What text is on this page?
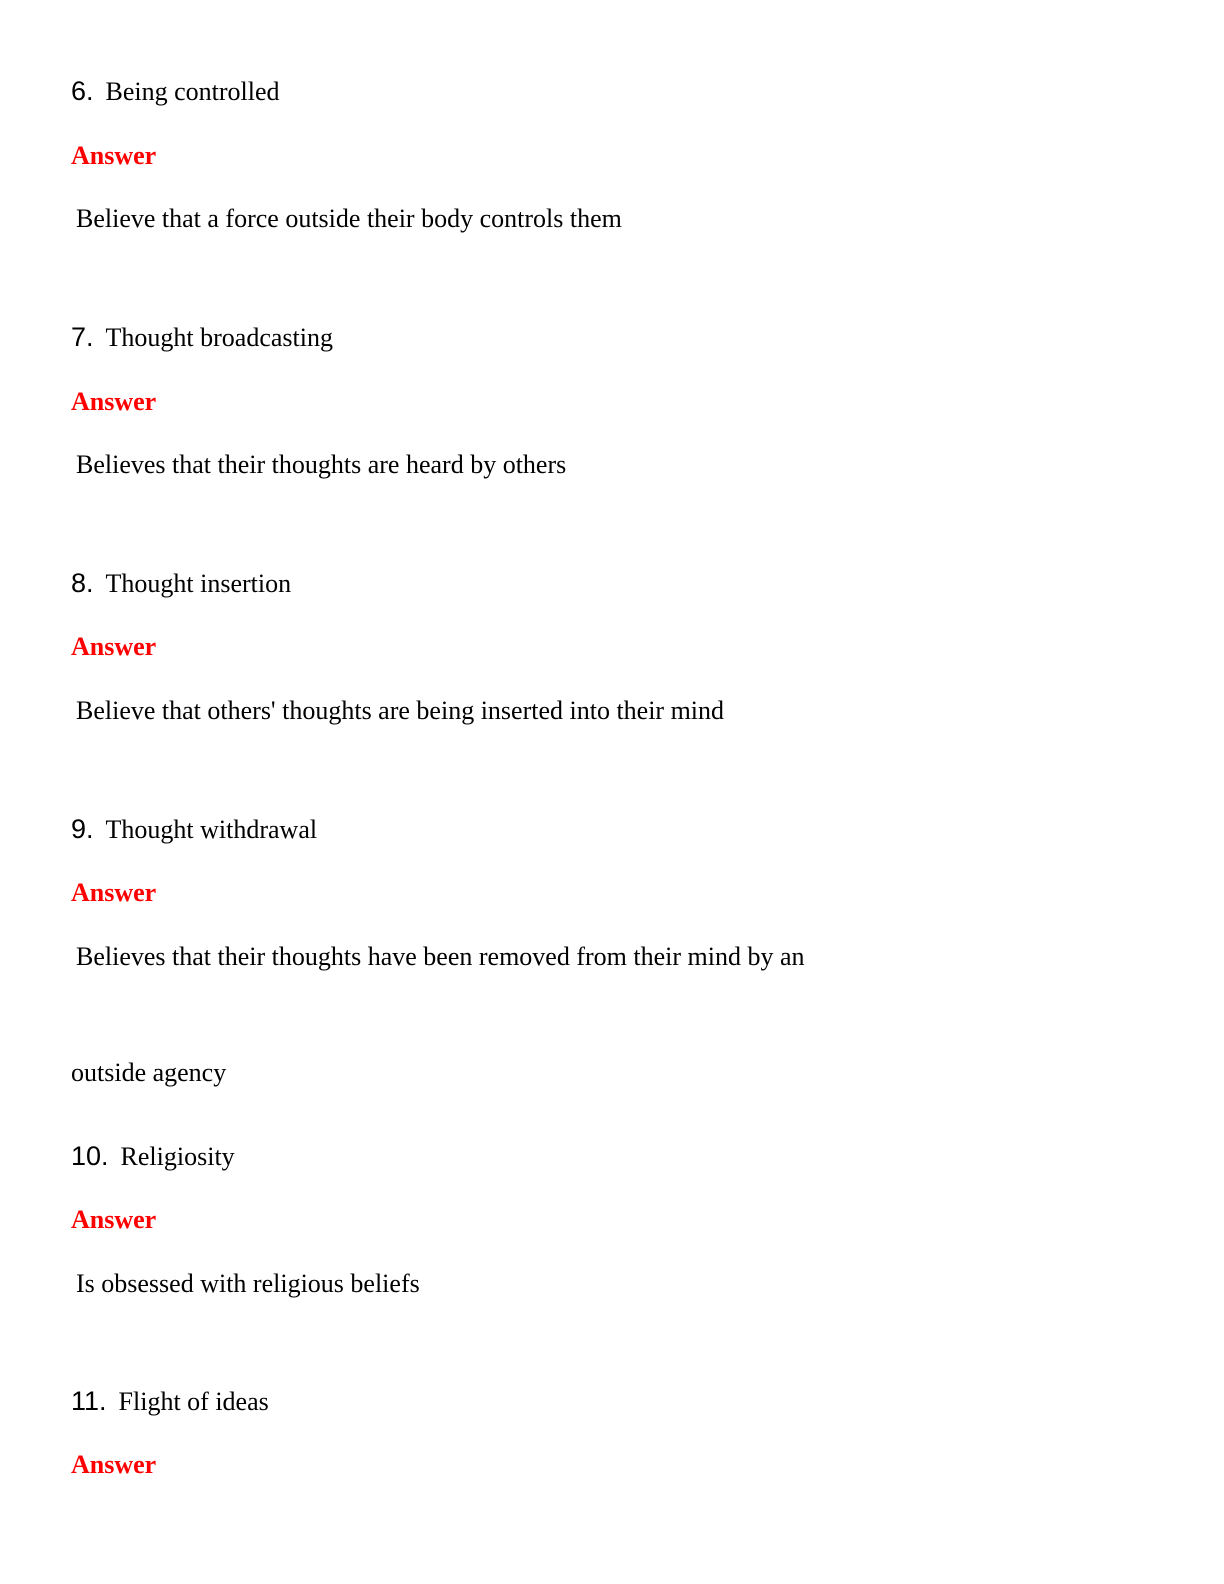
6. Being controlled
Answer
Believe that a force outside their body controls them
7. Thought broadcasting
Answer
Believes that their thoughts are heard by others
8. Thought insertion
Answer
Believe that others' thoughts are being inserted into their mind
9. Thought withdrawal
Answer
Believes that their thoughts have been removed from their mind by an
outside agency
10. Religiosity
Answer
Is obsessed with religious beliefs
11. Flight of ideas
Answer
